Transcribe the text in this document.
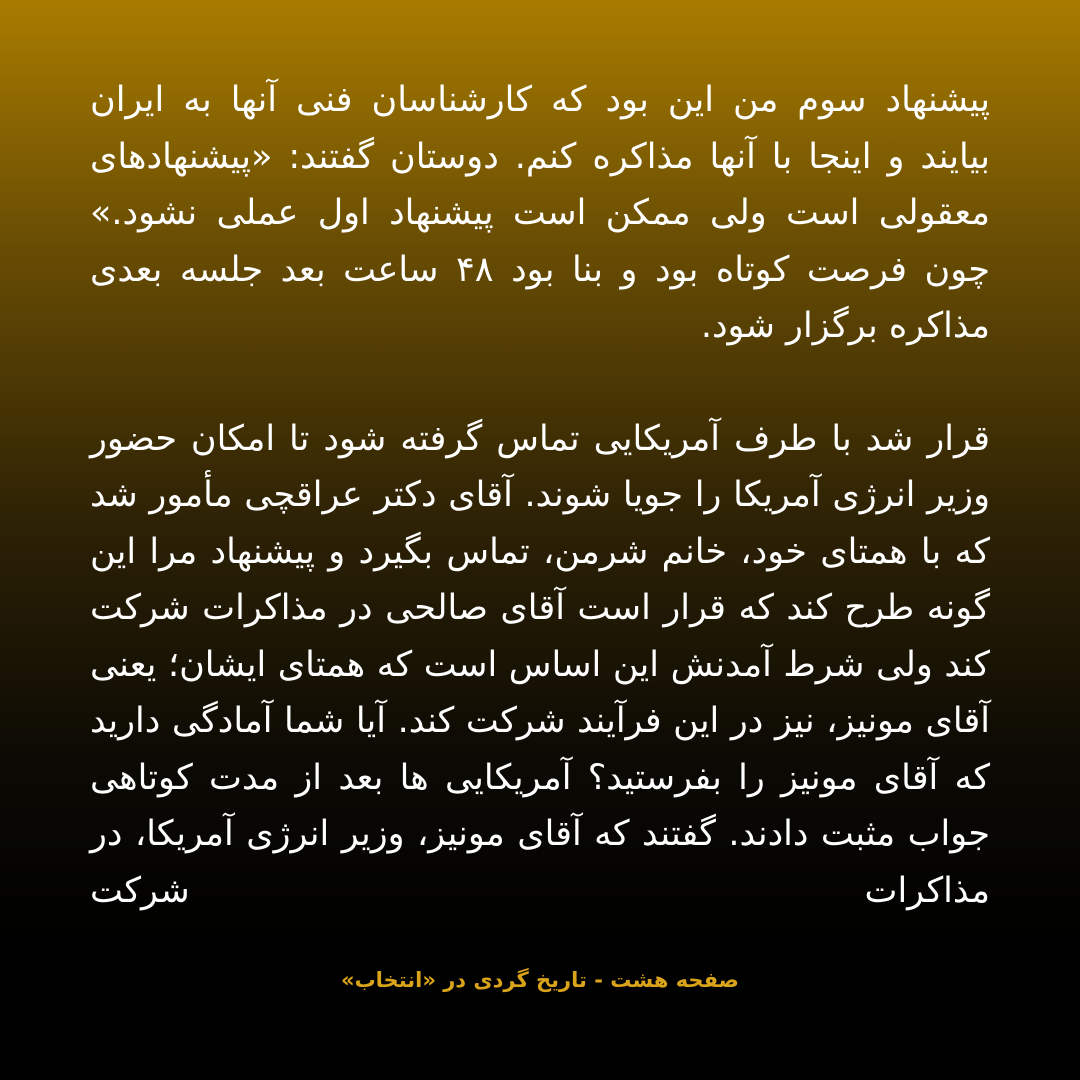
پیشنهاد سوم من این بود که کارشناسان فنی آنها به ایران بیایند و اینجا با آنها مذاکره کنم. دوستان گفتند: «پیشنهادهای معقولی است ولی ممکن است پیشنهاد اول عملی نشود.» چون فرصت کوتاه بود و بنا بود ۴۸ ساعت بعد جلسه بعدی مذاکره برگزار شود.

قرار شد با طرف آمریکایی تماس گرفته شود تا امکان حضور وزیر انرژی آمریکا را جویا شوند. آقای دکتر عراقچی مأمور شد که با همتای خود، خانم شرمن، تماس بگیرد و پیشنهاد مرا این گونه طرح کند که قرار است آقای صالحی در مذاکرات شرکت کند ولی شرط آمدنش این اساس است که همتای ایشان؛ یعنی آقای مونیز، نیز در این فرآیند شرکت کند. آیا شما آمادگی دارید که آقای مونیز را بفرستید؟ آمریکایی ها بعد از مدت کوتاهی جواب مثبت دادند. گفتند که آقای مونیز، وزیر انرژی آمریکا، در مذاکرات شرکت

صفحه هشت - تاریخ گردی در «انتخاب»
